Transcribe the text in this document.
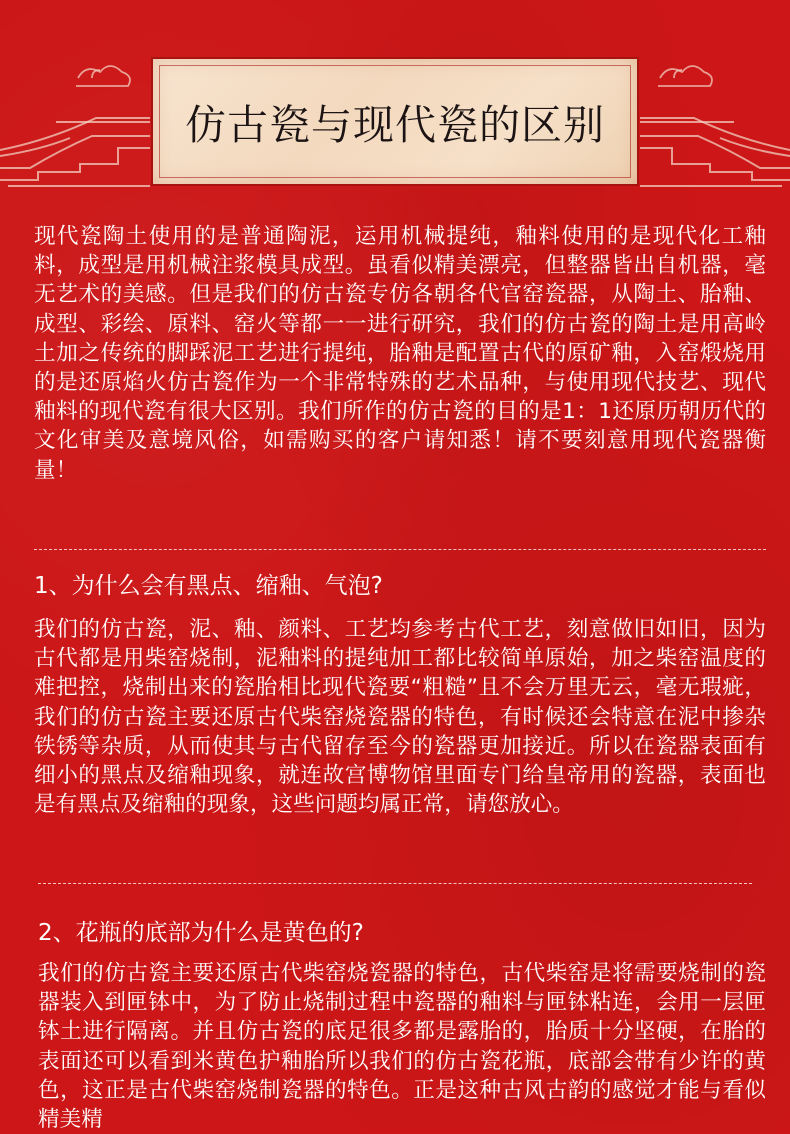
仿古瓷与现代瓷的区别

现代瓷陶土使用的是普通陶泥，运用机械提纯，釉料使用的是现代化工釉料，成型是用机械注浆模具成型。虽看似精美漂亮，但整器皆出自机器，毫无艺术的美感。但是我们的仿古瓷专仿各朝各代官窑瓷器，从陶土、胎釉、成型、彩绘、原料、窑火等都一一进行研究，我们的仿古瓷的陶土是用高岭土加之传统的脚踩泥工艺进行提纯，胎釉是配置古代的原矿釉，入窑煅烧用的是还原焰火仿古瓷作为一个非常特殊的艺术品种，与使用现代技艺、现代釉料的现代瓷有很大区别。我们所作的仿古瓷的目的是1：1还原历朝历代的文化审美及意境风俗，如需购买的客户请知悉！请不要刻意用现代瓷器衡量！

1、为什么会有黑点、缩釉、气泡?

我们的仿古瓷，泥、釉、颜料、工艺均参考古代工艺，刻意做旧如旧，因为古代都是用柴窑烧制，泥釉料的提纯加工都比较简单原始，加之柴窑温度的难把控，烧制出来的瓷胎相比现代瓷要“粗糙”且不会万里无云，毫无瑕疵，我们的仿古瓷主要还原古代柴窑烧瓷器的特色，有时候还会特意在泥中掺杂铁锈等杂质，从而使其与古代留存至今的瓷器更加接近。所以在瓷器表面有细小的黑点及缩釉现象，就连故宫博物馆里面专门给皇帝用的瓷器，表面也是有黑点及缩釉的现象，这些问题均属正常，请您放心。

2、花瓶的底部为什么是黄色的?

我们的仿古瓷主要还原古代柴窑烧瓷器的特色，古代柴窑是将需要烧制的瓷器装入到匣钵中，为了防止烧制过程中瓷器的釉料与匣钵粘连，会用一层匣钵土进行隔离。并且仿古瓷的底足很多都是露胎的，胎质十分坚硬，在胎的表面还可以看到米黄色护釉胎所以我们的仿古瓷花瓶，底部会带有少许的黄色，这正是古代柴窑烧制瓷器的特色。正是这种古风古韵的感觉才能与看似精美精
